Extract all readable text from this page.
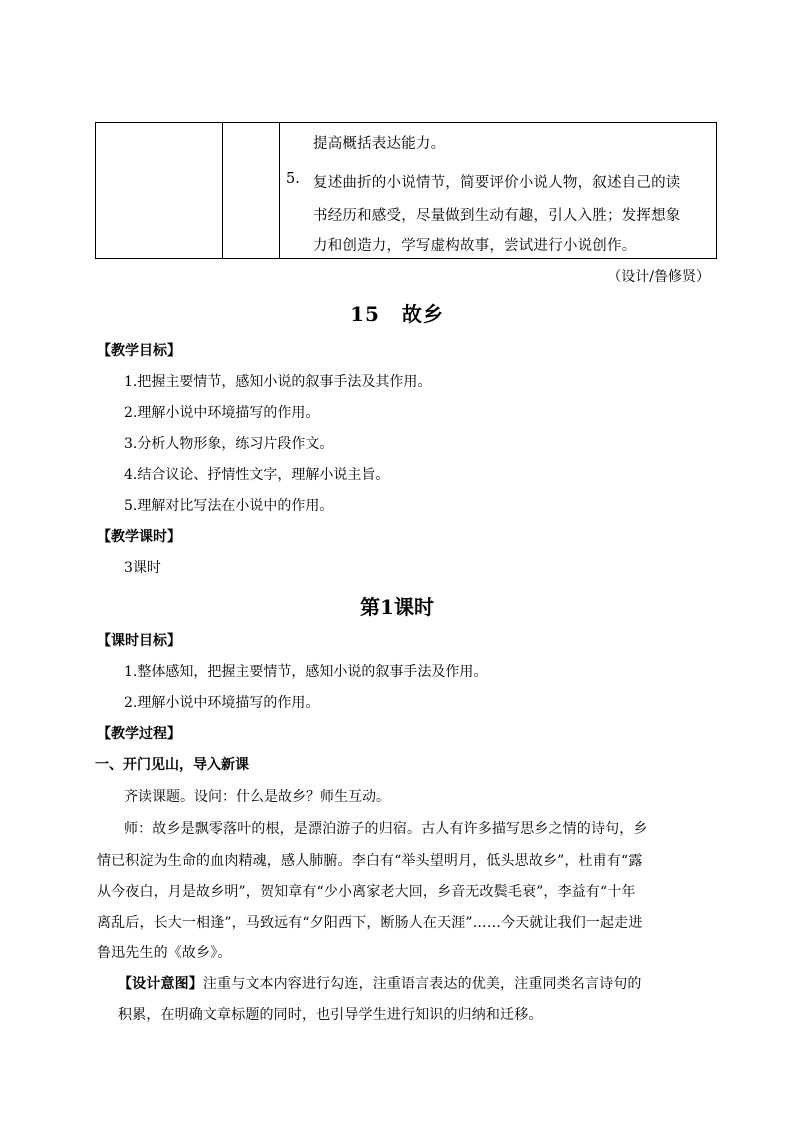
提高概括表达能力。
5. 复述曲折的小说情节，简要评价小说人物，叙述自己的读
书经历和感受，尽量做到生动有趣，引人入胜；发挥想象
力和创造力，学写虚构故事，尝试进行小说创作。
（设计/鲁修贤）
15 故乡
【教学目标】
1.把握主要情节，感知小说的叙事手法及其作用。
2.理解小说中环境描写的作用。
3.分析人物形象，练习片段作文。
4.结合议论、抒情性文字，理解小说主旨。
5.理解对比写法在小说中的作用。
【教学课时】
3课时
第1课时
【课时目标】
1.整体感知，把握主要情节，感知小说的叙事手法及作用。
2.理解小说中环境描写的作用。
【教学过程】
一、开门见山，导入新课
齐读课题。设问：什么是故乡？师生互动。
师：故乡是飘零落叶的根，是漂泊游子的归宿。古人有许多描写思乡之情的诗句，乡
情已积淀为生命的血肉精魂，感人肺腑。李白有“举头望明月，低头思故乡”，杜甫有“露
从今夜白，月是故乡明”，贺知章有“少小离家老大回，乡音无改鬓毛衰”，李益有“十年
离乱后，长大一相逢”，马致远有“夕阳西下，断肠人在天涯”……今天就让我们一起走进
鲁迅先生的《故乡》。
【设计意图】注重与文本内容进行勾连，注重语言表达的优美，注重同类名言诗句的
积累，在明确文章标题的同时，也引导学生进行知识的归纳和迁移。
